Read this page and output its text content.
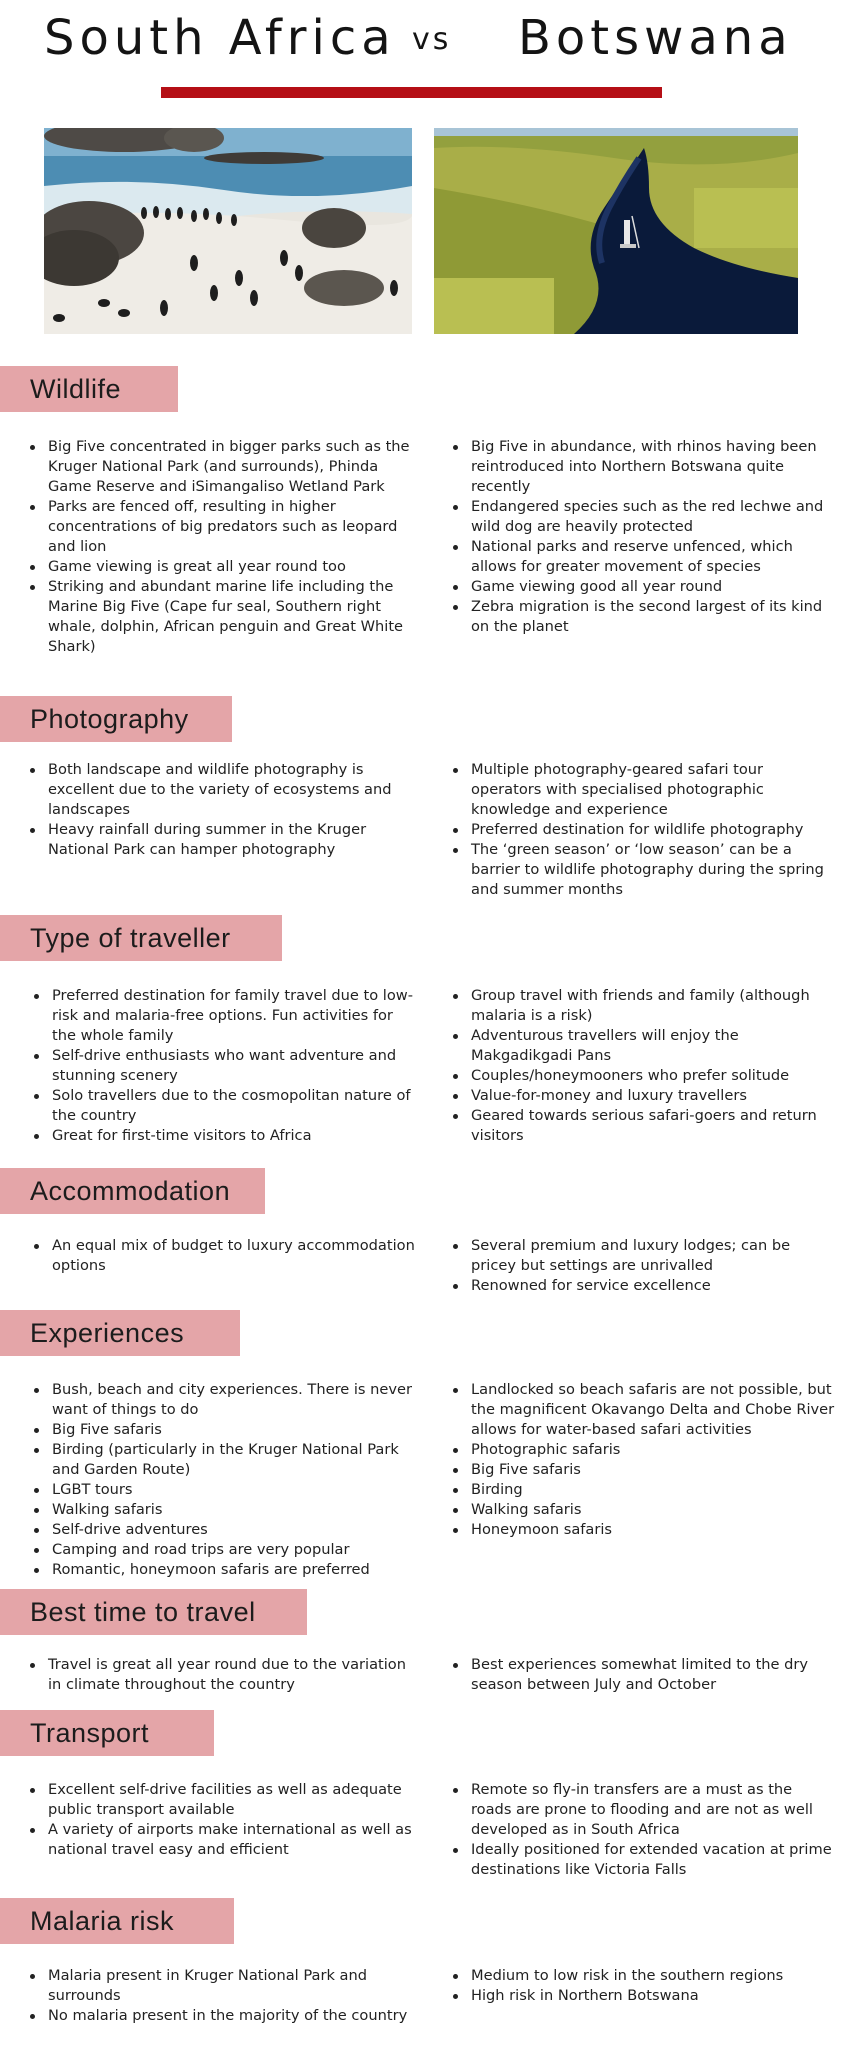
South Africa vs Botswana
Wildlife
Photography
Type of traveller
Accommodation
Experiences
Best time to travel
Transport
Malaria risk
Big Five concentrated in bigger parks such as the Kruger National Park (and surrounds), Phinda Game Reserve and iSimangaliso Wetland Park
Parks are fenced off, resulting in higher concentrations of big predators such as leopard and lion
Game viewing is great all year round too
Striking and abundant marine life including the Marine Big Five (Cape fur seal, Southern right whale, dolphin, African penguin and Great White Shark)
Big Five in abundance, with rhinos having been reintroduced into Northern Botswana quite recently
Endangered species such as the red lechwe and wild dog are heavily protected
National parks and reserve unfenced, which allows for greater movement of species
Game viewing good all year round
Zebra migration is the second largest of its kind on the planet
Both landscape and wildlife photography is excellent due to the variety of ecosystems and landscapes
Heavy rainfall during summer in the Kruger National Park can hamper photography
Multiple photography-geared safari tour operators with specialised photographic knowledge and experience
Preferred destination for wildlife photography
The ‘green season’ or ‘low season’ can be a barrier to wildlife photography during the spring and summer months
Preferred destination for family travel due to low-risk and malaria-free options. Fun activities for the whole family
Self-drive enthusiasts who want adventure and stunning scenery
Solo travellers due to the cosmopolitan nature of the country
Great for first-time visitors to Africa
Group travel with friends and family (although malaria is a risk)
Adventurous travellers will enjoy the Makgadikgadi Pans
Couples/honeymooners who prefer solitude
Value-for-money and luxury travellers
Geared towards serious safari-goers and return visitors
An equal mix of budget to luxury accommodation options
Several premium and luxury lodges; can be pricey but settings are unrivalled
Renowned for service excellence
Bush, beach and city experiences. There is never want of things to do
Big Five safaris
Birding (particularly in the Kruger National Park and Garden Route)
LGBT tours
Walking safaris
Self-drive adventures
Camping and road trips are very popular
Romantic, honeymoon safaris are preferred
Landlocked so beach safaris are not possible, but the magnificent Okavango Delta and Chobe River allows for water-based safari activities
Photographic safaris
Big Five safaris
Birding
Walking safaris
Honeymoon safaris
Travel is great all year round due to the variation in climate throughout the country
Best experiences somewhat limited to the dry season between July and October
Excellent self-drive facilities as well as adequate public transport available
A variety of airports make international as well as national travel easy and efficient
Remote so fly-in transfers are a must as the roads are prone to flooding and are not as well developed as in South Africa
Ideally positioned for extended vacation at prime destinations like Victoria Falls
Malaria present in Kruger National Park and surrounds
No malaria present in the majority of the country
Medium to low risk in the southern regions
High risk in Northern Botswana
